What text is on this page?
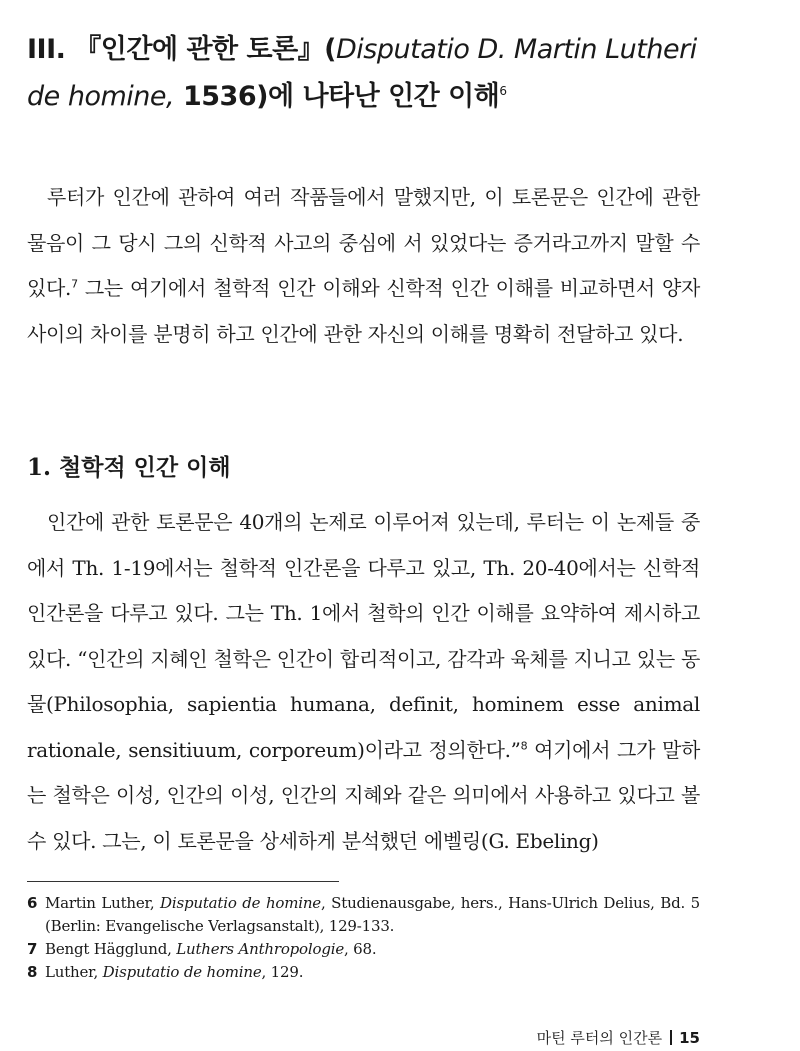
III. 『인간에 관한 토론』(Disputatio D. Martin Lutheri de homine, 1536)에 나타난 인간 이해$^6$

루터가 인간에 관하여 여러 작품들에서 말했지만, 이 토론문은 인간에 관한 물음이 그 당시 그의 신학적 사고의 중심에 서 있었다는 증거라고까지 말할 수 있다.$^7$ 그는 여기에서 철학적 인간 이해와 신학적 인간 이해를 비교하면서 양자 사이의 차이를 분명히 하고 인간에 관한 자신의 이해를 명확히 전달하고 있다.

1. 철학적 인간 이해

인간에 관한 토론문은 40개의 논제로 이루어져 있는데, 루터는 이 논제들 중에서 Th. 1-19에서는 철학적 인간론을 다루고 있고, Th. 20-40에서는 신학적 인간론을 다루고 있다. 그는 Th. 1에서 철학의 인간 이해를 요약하여 제시하고 있다. “인간의 지혜인 철학은 인간이 합리적이고, 감각과 육체를 지니고 있는 동물(Philosophia, sapientia humana, definit, hominem esse animal rationale, sensitiuum, corporeum)이라고 정의한다.”$^8$ 여기에서 그가 말하는 철학은 이성, 인간의 이성, 인간의 지혜와 같은 의미에서 사용하고 있다고 볼 수 있다. 그는, 이 토론문을 상세하게 분석했던 에벨링(G. Ebeling)

6 Martin Luther, Disputatio de homine, Studienausgabe, hers., Hans-Ulrich Delius, Bd. 5 (Berlin: Evangelische Verlagsanstalt), 129-133.

7 Bengt Hägglund, Luthers Anthropologie, 68.

8 Luther, Disputatio de homine, 129.

마틴 루터의 인간론 15
